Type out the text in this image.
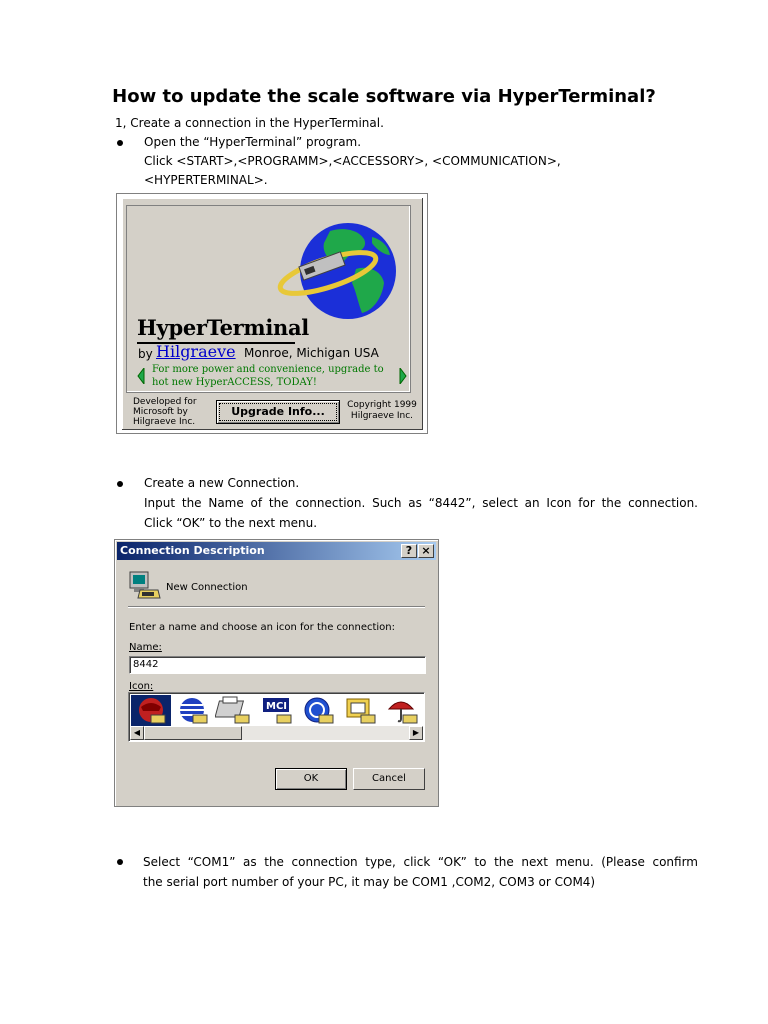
How to update the scale software via HyperTerminal?
1, Create a connection in the HyperTerminal.
Open the “HyperTerminal” program.
Click <START>,<PROGRAMM>,<ACCESSORY>, <COMMUNICATION>,
<HYPERTERMINAL>.
HyperTerminal
by Hilgraeve Monroe, Michigan USA
For more power and convenience, upgrade to hot new HyperACCESS, TODAY!
Developed for Microsoft by Hilgraeve Inc.
Upgrade Info...	Copyright 1999 Hilgraeve Inc.
Create a new Connection.
Input the Name of the connection. Such as “8442”, select an Icon for the connection.
Click “OK” to the next menu.
Connection Description	? ×
New Connection
Enter a name and choose an icon for the connection:
Name:
8442
Icon:
MCI
◀	▶
OK	Cancel
Select “COM1” as the connection type, click “OK” to the next menu. (Please confirm
the serial port number of your PC, it may be COM1 ,COM2, COM3 or COM4)
